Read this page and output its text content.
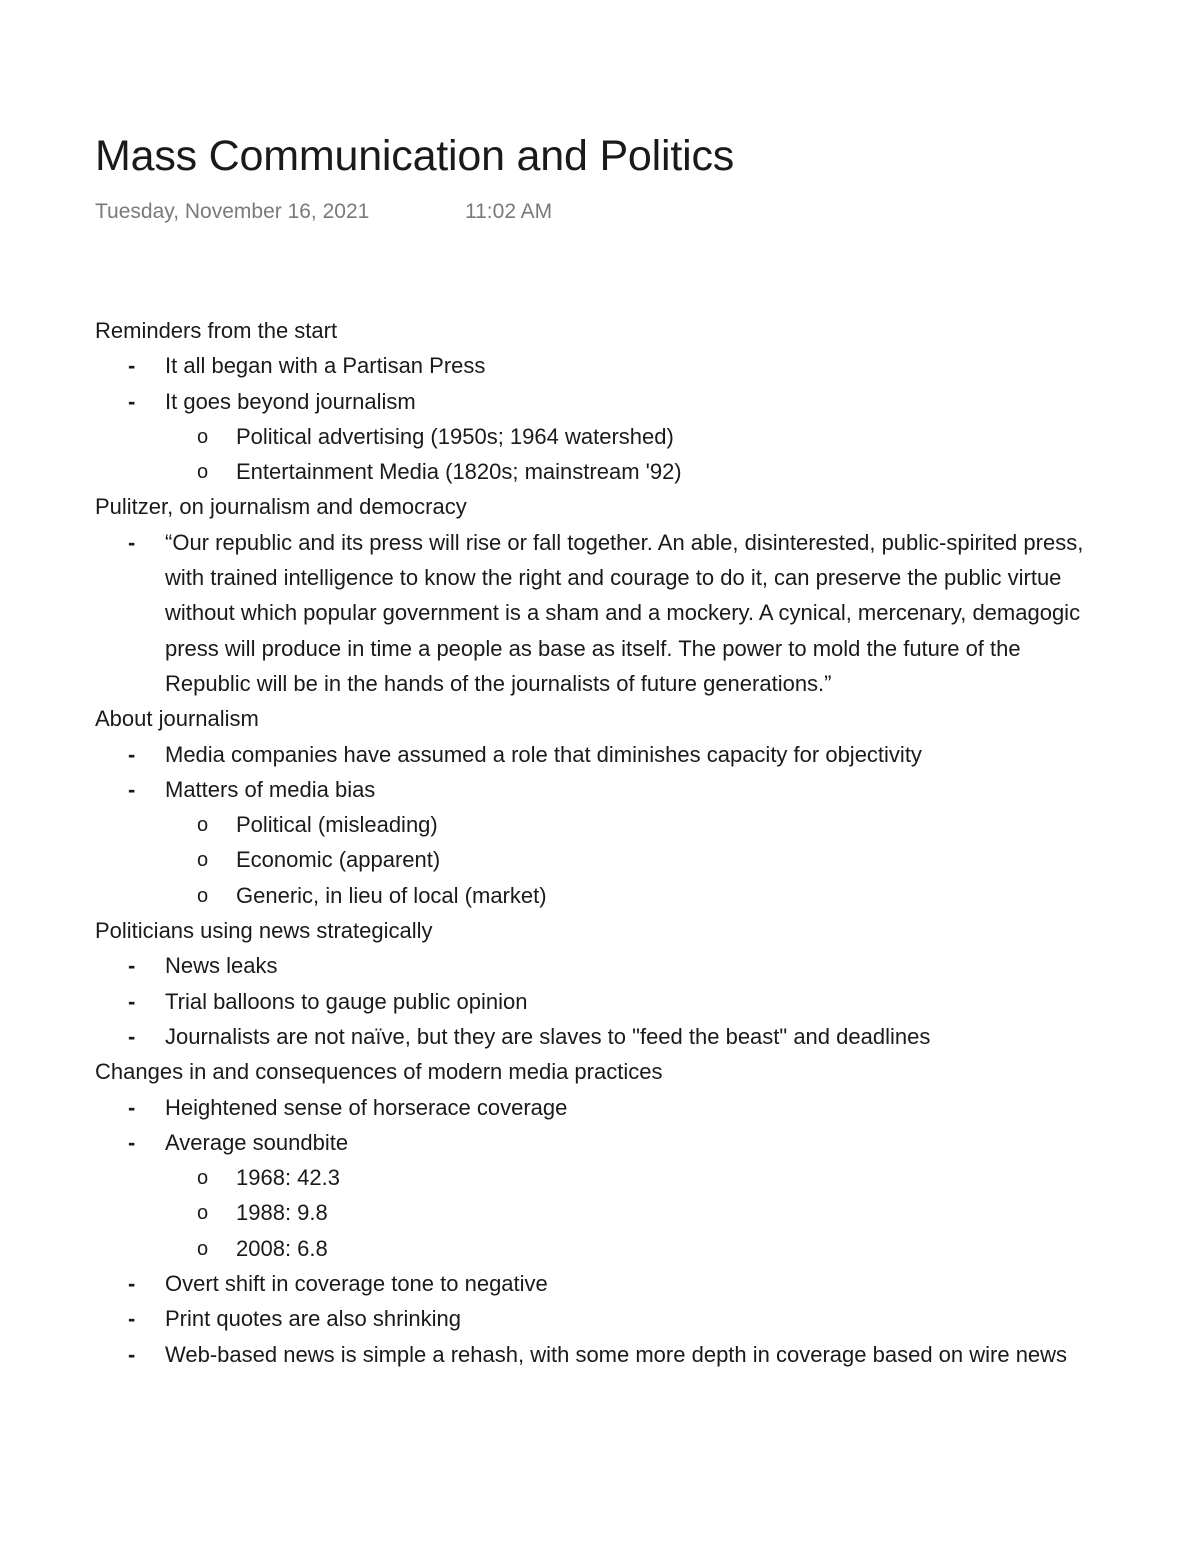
Mass Communication and Politics
Tuesday, November 16, 2021	11:02 AM
Reminders from the start
- It all began with a Partisan Press
- It goes beyond journalism
o Political advertising (1950s; 1964 watershed)
o Entertainment Media (1820s; mainstream '92)
Pulitzer, on journalism and democracy
- “Our republic and its press will rise or fall together. An able, disinterested, public-spirited press, with trained intelligence to know the right and courage to do it, can preserve the public virtue without which popular government is a sham and a mockery. A cynical, mercenary, demagogic press will produce in time a people as base as itself. The power to mold the future of the Republic will be in the hands of the journalists of future generations.”
About journalism
- Media companies have assumed a role that diminishes capacity for objectivity
- Matters of media bias
o Political (misleading)
o Economic (apparent)
o Generic, in lieu of local (market)
Politicians using news strategically
- News leaks
- Trial balloons to gauge public opinion
- Journalists are not naïve, but they are slaves to "feed the beast" and deadlines
Changes in and consequences of modern media practices
- Heightened sense of horserace coverage
- Average soundbite
o 1968: 42.3
o 1988: 9.8
o 2008: 6.8
- Overt shift in coverage tone to negative
- Print quotes are also shrinking
- Web-based news is simple a rehash, with some more depth in coverage based on wire news
